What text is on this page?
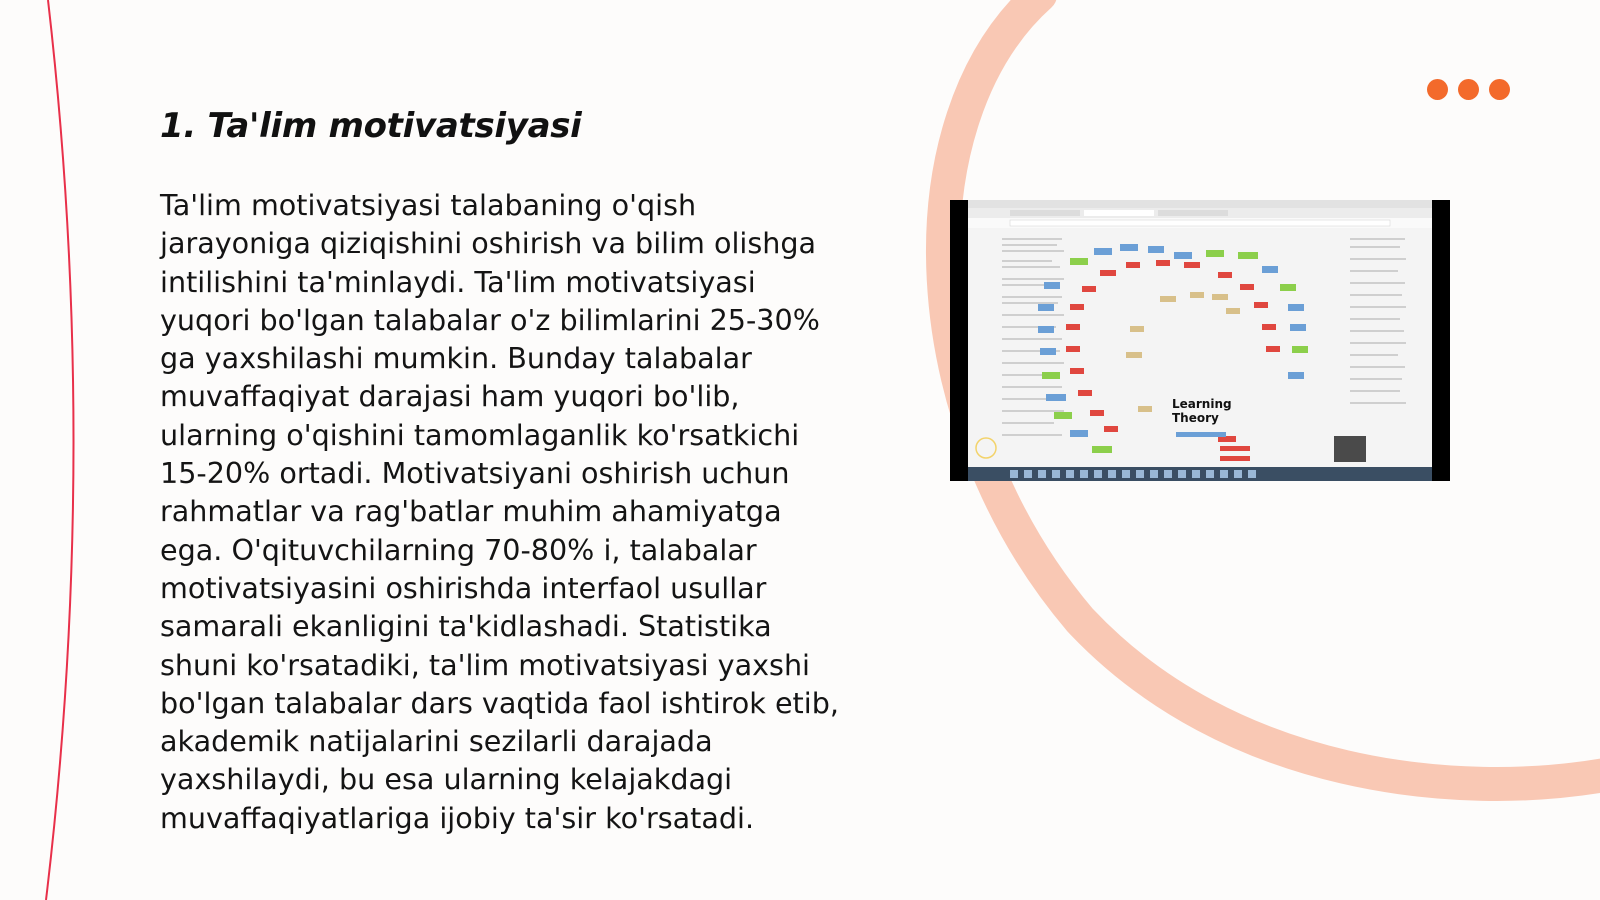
1. Ta'lim motivatsiyasi

Ta'lim motivatsiyasi talabaning o'qish jarayoniga qiziqishini oshirish va bilim olishga intilishini ta'minlaydi. Ta'lim motivatsiyasi yuqori bo'lgan talabalar o'z bilimlarini 25-30% ga yaxshilashi mumkin. Bunday talabalar muvaffaqiyat darajasi ham yuqori bo'lib, ularning o'qishini tamomlaganlik ko'rsatkichi 15-20% ortadi. Motivatsiyani oshirish uchun rahmatlar va rag'batlar muhim ahamiyatga ega. O'qituvchilarning 70-80% i, talabalar motivatsiyasini oshirishda interfaol usullar samarali ekanligini ta'kidlashadi. Statistika shuni ko'rsatadiki, ta'lim motivatsiyasi yaxshi bo'lgan talabalar dars vaqtida faol ishtirok etib, akademik natijalarini sezilarli darajada yaxshilaydi, bu esa ularning kelajakdagi muvaffaqiyatlariga ijobiy ta'sir ko'rsatadi.

Learning
Theory
